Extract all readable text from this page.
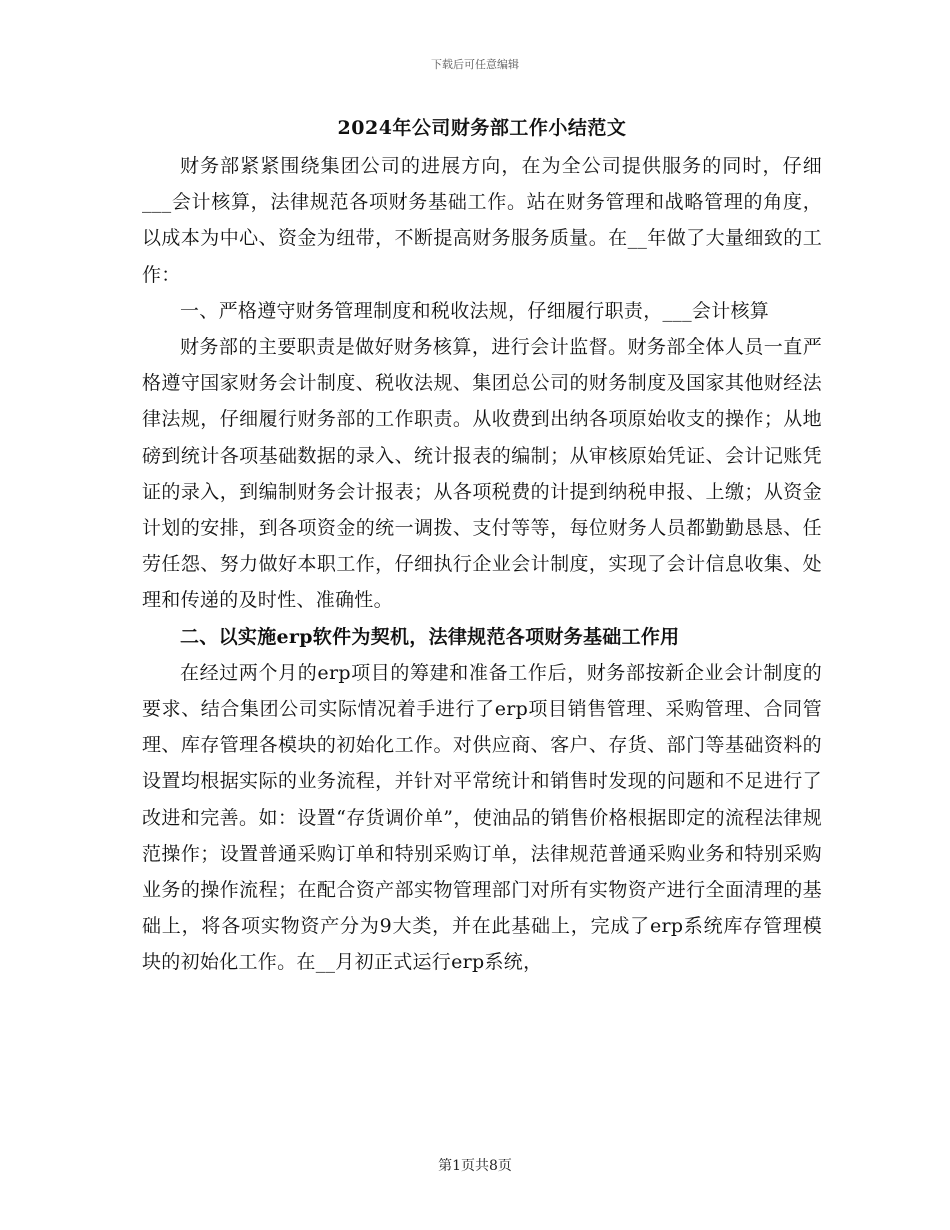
下载后可任意编辑
2024年公司财务部工作小结范文

财务部紧紧围绕集团公司的进展方向，在为全公司提供服务的同时，仔细___会计核算，法律规范各项财务基础工作。站在财务管理和战略管理的角度，以成本为中心、资金为纽带，不断提高财务服务质量。在__年做了大量细致的工作：

一、严格遵守财务管理制度和税收法规，仔细履行职责，___会计核算

财务部的主要职责是做好财务核算，进行会计监督。财务部全体人员一直严格遵守国家财务会计制度、税收法规、集团总公司的财务制度及国家其他财经法律法规，仔细履行财务部的工作职责。从收费到出纳各项原始收支的操作；从地磅到统计各项基础数据的录入、统计报表的编制；从审核原始凭证、会计记账凭证的录入，到编制财务会计报表；从各项税费的计提到纳税申报、上缴；从资金计划的安排，到各项资金的统一调拨、支付等等，每位财务人员都勤勤恳恳、任劳任怨、努力做好本职工作，仔细执行企业会计制度，实现了会计信息收集、处理和传递的及时性、准确性。

二、以实施erp软件为契机，法律规范各项财务基础工作用

在经过两个月的erp项目的筹建和准备工作后，财务部按新企业会计制度的要求、结合集团公司实际情况着手进行了erp项目销售管理、采购管理、合同管理、库存管理各模块的初始化工作。对供应商、客户、存货、部门等基础资料的设置均根据实际的业务流程，并针对平常统计和销售时发现的问题和不足进行了改进和完善。如：设置“存货调价单”，使油品的销售价格根据即定的流程法律规范操作；设置普通采购订单和特别采购订单，法律规范普通采购业务和特别采购业务的操作流程；在配合资产部实物管理部门对所有实物资产进行全面清理的基础上，将各项实物资产分为9大类，并在此基础上，完成了erp系统库存管理模块的初始化工作。在__月初正式运行erp系统，

第1页共8页
